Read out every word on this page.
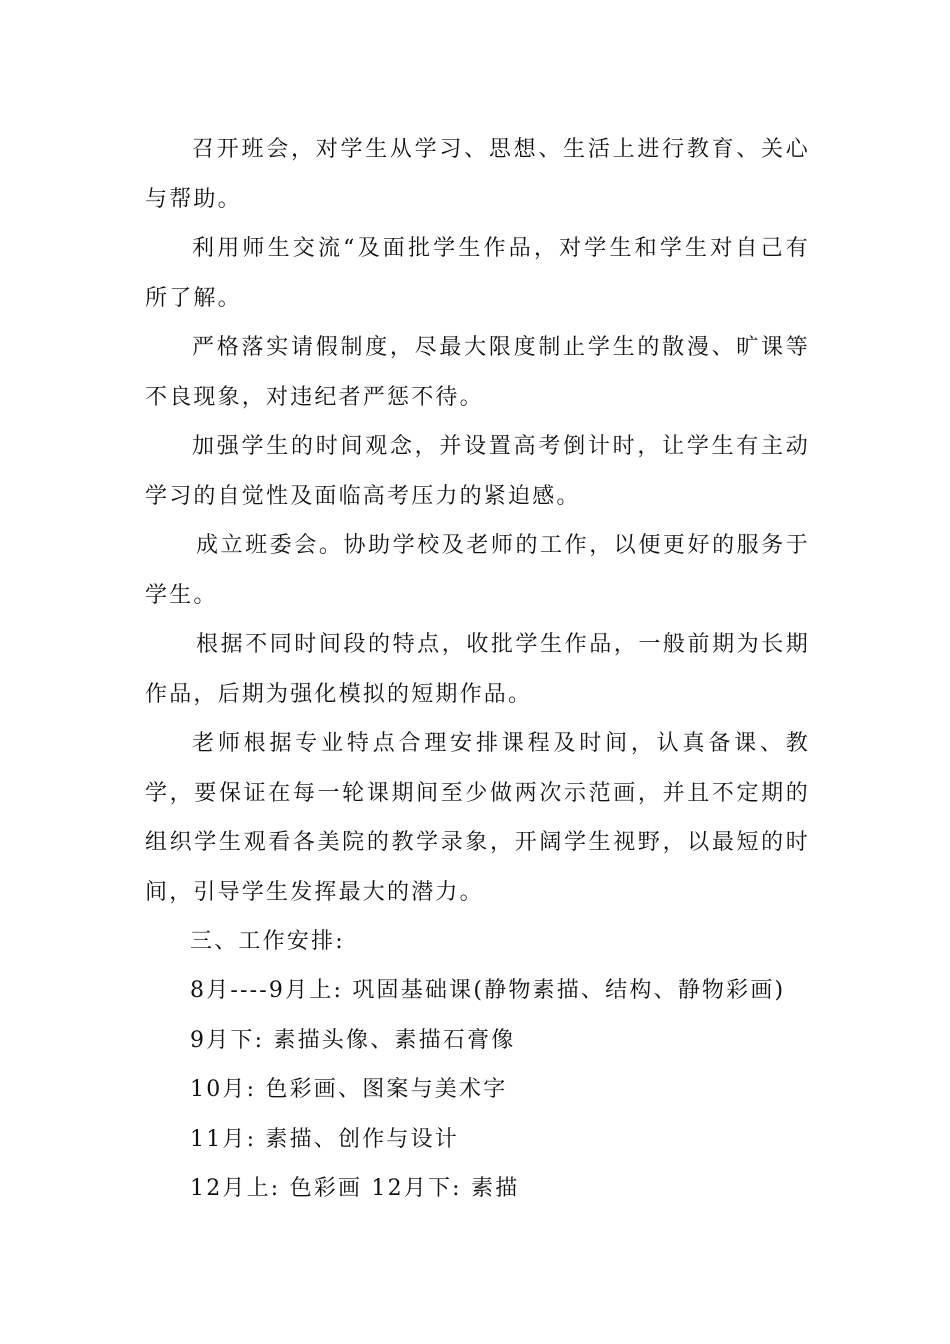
召开班会，对学生从学习、思想、生活上进行教育、关心与帮助。

利用师生交流“及面批学生作品，对学生和学生对自己有所了解。

严格落实请假制度，尽最大限度制止学生的散漫、旷课等不良现象，对违纪者严惩不待。

加强学生的时间观念，并设置高考倒计时，让学生有主动学习的自觉性及面临高考压力的紧迫感。

成立班委会。协助学校及老师的工作，以便更好的服务于学生。

根据不同时间段的特点，收批学生作品，一般前期为长期作品，后期为强化模拟的短期作品。

老师根据专业特点合理安排课程及时间，认真备课、教学，要保证在每一轮课期间至少做两次示范画，并且不定期的组织学生观看各美院的教学录象，开阔学生视野，以最短的时间，引导学生发挥最大的潜力。

三、工作安排:

8月----9月上: 巩固基础课(静物素描、结构、静物彩画)

9月下: 素描头像、素描石膏像

10月: 色彩画、图案与美术字

11月: 素描、创作与设计

12月上: 色彩画 12月下: 素描
